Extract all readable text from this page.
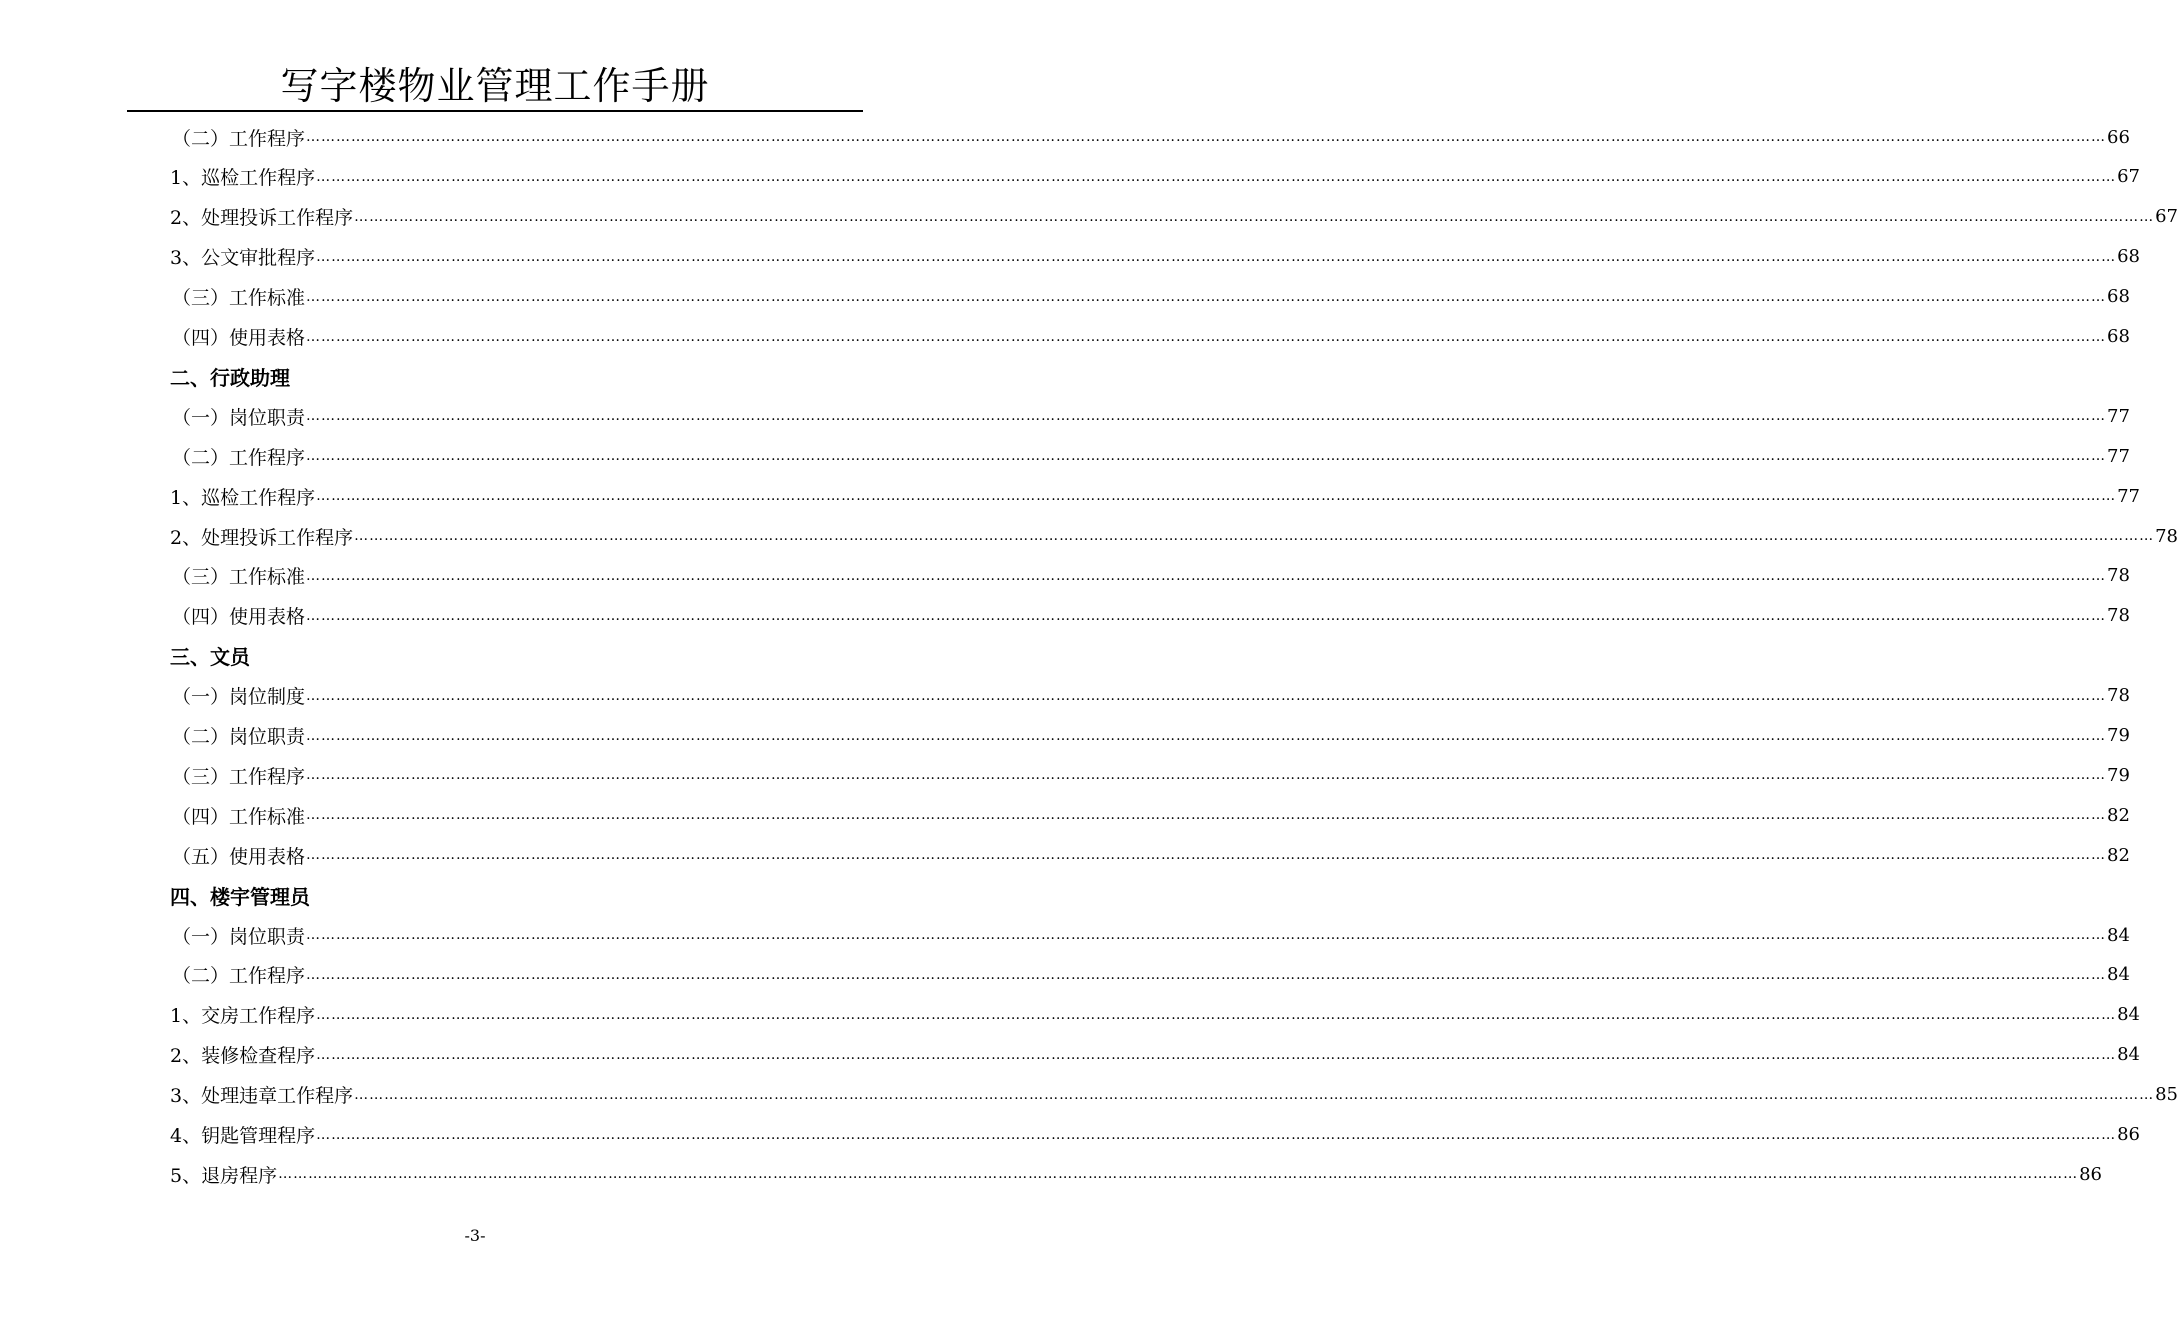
写字楼物业管理工作手册
（二）工作程序 ……………………………………………………………………………………………………………………………………………………………………………………………………………………………………………………………………………………………………………………………… 66
1、巡检工作程序 ……………………………………………………………………………………………………………………………………………………………………………………………………………………………………………………………………………………………………………………………… 67
2、处理投诉工作程序 ……………………………………………………………………………………………………………………………………………………………………………………………………………………………………………………………………………………………………………………………… 67
3、公文审批程序 ……………………………………………………………………………………………………………………………………………………………………………………………………………………………………………………………………………………………………………………………… 68
（三）工作标准 ……………………………………………………………………………………………………………………………………………………………………………………………………………………………………………………………………………………………………………………………… 68
（四）使用表格 ……………………………………………………………………………………………………………………………………………………………………………………………………………………………………………………………………………………………………………………………… 68
二、行政助理
（一）岗位职责 ……………………………………………………………………………………………………………………………………………………………………………………………………………………………………………………………………………………………………………………………… 77
（二）工作程序 ……………………………………………………………………………………………………………………………………………………………………………………………………………………………………………………………………………………………………………………………… 77
1、巡检工作程序 ……………………………………………………………………………………………………………………………………………………………………………………………………………………………………………………………………………………………………………………………… 77
2、处理投诉工作程序 ……………………………………………………………………………………………………………………………………………………………………………………………………………………………………………………………………………………………………………………………… 78
（三）工作标准 ……………………………………………………………………………………………………………………………………………………………………………………………………………………………………………………………………………………………………………………………… 78
（四）使用表格 ……………………………………………………………………………………………………………………………………………………………………………………………………………………………………………………………………………………………………………………………… 78
三、文员
（一）岗位制度 ……………………………………………………………………………………………………………………………………………………………………………………………………………………………………………………………………………………………………………………………… 78
（二）岗位职责 ……………………………………………………………………………………………………………………………………………………………………………………………………………………………………………………………………………………………………………………………… 79
（三）工作程序 ……………………………………………………………………………………………………………………………………………………………………………………………………………………………………………………………………………………………………………………………… 79
（四）工作标准 ……………………………………………………………………………………………………………………………………………………………………………………………………………………………………………………………………………………………………………………………… 82
（五）使用表格 ……………………………………………………………………………………………………………………………………………………………………………………………………………………………………………………………………………………………………………………………… 82
四、楼宇管理员
（一）岗位职责 ……………………………………………………………………………………………………………………………………………………………………………………………………………………………………………………………………………………………………………………………… 84
（二）工作程序 ……………………………………………………………………………………………………………………………………………………………………………………………………………………………………………………………………………………………………………………………… 84
1、交房工作程序 ……………………………………………………………………………………………………………………………………………………………………………………………………………………………………………………………………………………………………………………………… 84
2、装修检查程序 ……………………………………………………………………………………………………………………………………………………………………………………………………………………………………………………………………………………………………………………………… 84
3、处理违章工作程序 ……………………………………………………………………………………………………………………………………………………………………………………………………………………………………………………………………………………………………………………………… 85
4、钥匙管理程序 ……………………………………………………………………………………………………………………………………………………………………………………………………………………………………………………………………………………………………………………………… 86
5、退房程序 ……………………………………………………………………………………………………………………………………………………………………………………………………………………………………………………………………………………………………………………………… 86
-3-
